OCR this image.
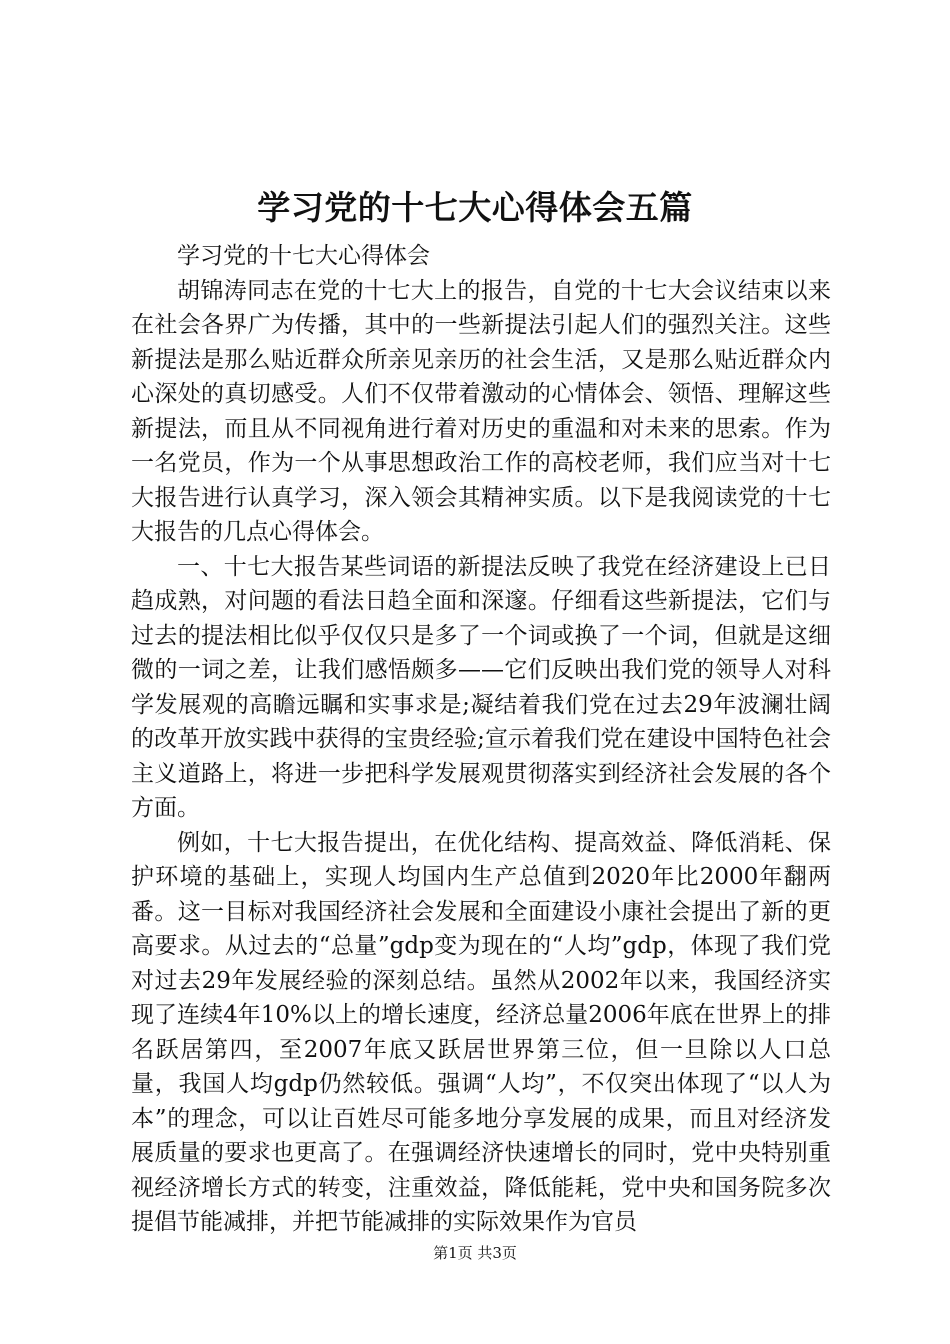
学习党的十七大心得体会五篇

学习党的十七大心得体会

胡锦涛同志在党的十七大上的报告，自党的十七大会议结束以来在社会各界广为传播，其中的一些新提法引起人们的强烈关注。这些新提法是那么贴近群众所亲见亲历的社会生活，又是那么贴近群众内心深处的真切感受。人们不仅带着激动的心情体会、领悟、理解这些新提法，而且从不同视角进行着对历史的重温和对未来的思索。作为一名党员，作为一个从事思想政治工作的高校老师，我们应当对十七大报告进行认真学习，深入领会其精神实质。以下是我阅读党的十七大报告的几点心得体会。

一、十七大报告某些词语的新提法反映了我党在经济建设上已日趋成熟，对问题的看法日趋全面和深邃。仔细看这些新提法，它们与过去的提法相比似乎仅仅只是多了一个词或换了一个词，但就是这细微的一词之差，让我们感悟颇多——它们反映出我们党的领导人对科学发展观的高瞻远瞩和实事求是;凝结着我们党在过去29年波澜壮阔的改革开放实践中获得的宝贵经验;宣示着我们党在建设中国特色社会主义道路上，将进一步把科学发展观贯彻落实到经济社会发展的各个方面。

例如，十七大报告提出，在优化结构、提高效益、降低消耗、保护环境的基础上，实现人均国内生产总值到2020年比2000年翻两番。这一目标对我国经济社会发展和全面建设小康社会提出了新的更高要求。从过去的“总量”gdp变为现在的“人均”gdp，体现了我们党对过去29年发展经验的深刻总结。虽然从2002年以来，我国经济实现了连续4年10%以上的增长速度，经济总量2006年底在世界上的排名跃居第四，至2007年底又跃居世界第三位，但一旦除以人口总量，我国人均gdp仍然较低。强调“人均”，不仅突出体现了“以人为本”的理念，可以让百姓尽可能多地分享发展的成果，而且对经济发展质量的要求也更高了。在强调经济快速增长的同时，党中央特别重视经济增长方式的转变，注重效益，降低能耗，党中央和国务院多次提倡节能减排，并把节能减排的实际效果作为官员

第1页 共3页
